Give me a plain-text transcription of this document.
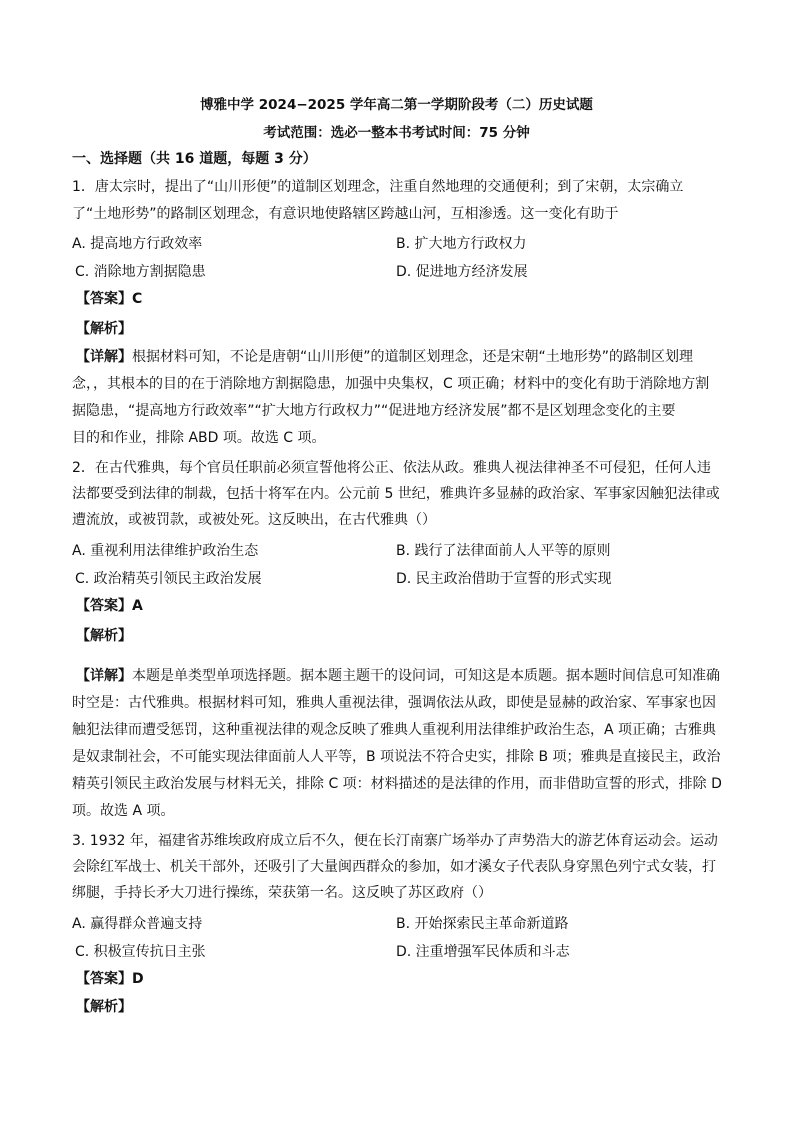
博雅中学 2024−2025 学年高二第一学期阶段考（二）历史试题
考试范围：选必一整本书考试时间：75 分钟
一、选择题（共 16 道题，每题 3 分）
1．唐太宗时，提出了“山川形便”的道制区划理念，注重自然地理的交通便利；到了宋朝，太宗确立
了“土地形势”的路制区划理念，有意识地使路辖区跨越山河，互相渗透。这一变化有助于
A. 提高地方行政效率	B. 扩大地方行政权力
C. 消除地方割据隐患	D. 促进地方经济发展
【答案】C
【解析】
【详解】根据材料可知，不论是唐朝“山川形便”的道制区划理念，还是宋朝“土地形势”的路制区划理
念，，其根本的目的在于消除地方割据隐患，加强中央集权，C 项正确；材料中的变化有助于消除地方割
据隐患，“提高地方行政效率”“扩大地方行政权力”“促进地方经济发展”都不是区划理念变化的主要
目的和作业，排除 ABD 项。故选 C 项。
2．在古代雅典，每个官员任职前必须宣誓他将公正、依法从政。雅典人视法律神圣不可侵犯，任何人违
法都要受到法律的制裁，包括十将军在内。公元前 5 世纪，雅典许多显赫的政治家、军事家因触犯法律或
遭流放，或被罚款，或被处死。这反映出，在古代雅典（）
A. 重视利用法律维护政治生态	B. 践行了法律面前人人平等的原则
C. 政治精英引领民主政治发展	D. 民主政治借助于宣誓的形式实现
【答案】A
【解析】
【详解】本题是单类型单项选择题。据本题主题干的设问词，可知这是本质题。据本题时间信息可知准确
时空是：古代雅典。根据材料可知，雅典人重视法律，强调依法从政，即使是显赫的政治家、军事家也因
触犯法律而遭受惩罚，这种重视法律的观念反映了雅典人重视利用法律维护政治生态，A 项正确；古雅典
是奴隶制社会，不可能实现法律面前人人平等，B 项说法不符合史实，排除 B 项；雅典是直接民主，政治
精英引领民主政治发展与材料无关，排除 C 项：材料描述的是法律的作用，而非借助宣誓的形式，排除 D
项。故选 A 项。
3. 1932 年，福建省苏维埃政府成立后不久，便在长汀南寨广场举办了声势浩大的游艺体育运动会。运动
会除红军战士、机关干部外，还吸引了大量闽西群众的参加，如才溪女子代表队身穿黑色列宁式女装，打
绑腿，手持长矛大刀进行操练，荣获第一名。这反映了苏区政府（）
A. 赢得群众普遍支持	B. 开始探索民主革命新道路
C. 积极宣传抗日主张	D. 注重增强军民体质和斗志
【答案】D
【解析】
